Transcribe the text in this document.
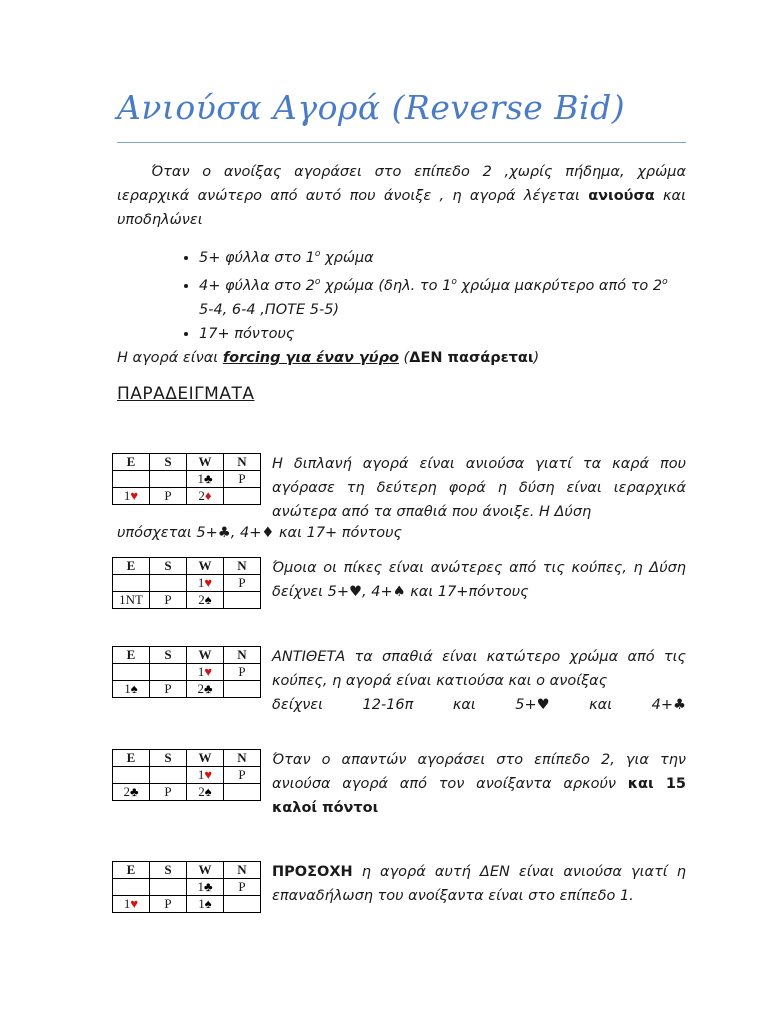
Ανιούσα Αγορά (Reverse Bid)
Όταν ο ανοίξας αγοράσει στο επίπεδο 2 ,χωρίς πήδημα, χρώμα ιεραρχικά ανώτερο από αυτό που άνοιξε , η αγορά λέγεται ανιούσα και υποδηλώνει
• 5+ φύλλα στο $1^o$ χρώμα
• 4+ φύλλα στο $2^o$ χρώμα (δηλ. το $1^o$ χρώμα μακρύτερο από το $2^o$ 5-4, 6-4 ,ΠΟΤΕ 5-5)
• 17+ πόντους
Η αγορά είναι forcing για έναν γύρο (ΔΕΝ πασάρεται)
ΠΑΡΑΔΕΙΓΜΑΤΑ
E	S	W	N
		1♣	P
1♥	P	2♦	
E	S	W	N
		1♥	P
1NT	P	2♠	
E	S	W	N
		1♥	P
1♠	P	2♣	
E	S	W	N
		1♥	P
2♣	P	2♠	
E	S	W	N
		1♣	P
1♥	P	1♠	
Η διπλανή αγορά είναι ανιούσα γιατί τα καρά που αγόρασε τη δεύτερη φορά η δύση είναι ιεραρχικά ανώτερα από τα σπαθιά που άνοιξε. Η Δύση
υπόσχεται 5+♣, 4+♦ και 17+ πόντους
Όμοια οι πίκες είναι ανώτερες από τις κούπες, η Δύση δείχνει 5+♥, 4+♠ και 17+πόντους
ΑΝΤΙΘΕΤΑ τα σπαθιά είναι κατώτερο χρώμα από τις κούπες, η αγορά είναι κατιούσα και ο ανοίξας
δείχνει	12-16π	και	5+♥	και	4+♣
Όταν ο απαντών αγοράσει στο επίπεδο 2, για την ανιούσα αγορά από τον ανοίξαντα αρκούν και 15 καλοί πόντοι
ΠΡΟΣΟΧΗ η αγορά αυτή ΔΕΝ είναι ανιούσα γιατί η επαναδήλωση του ανοίξαντα είναι στο επίπεδο 1.
